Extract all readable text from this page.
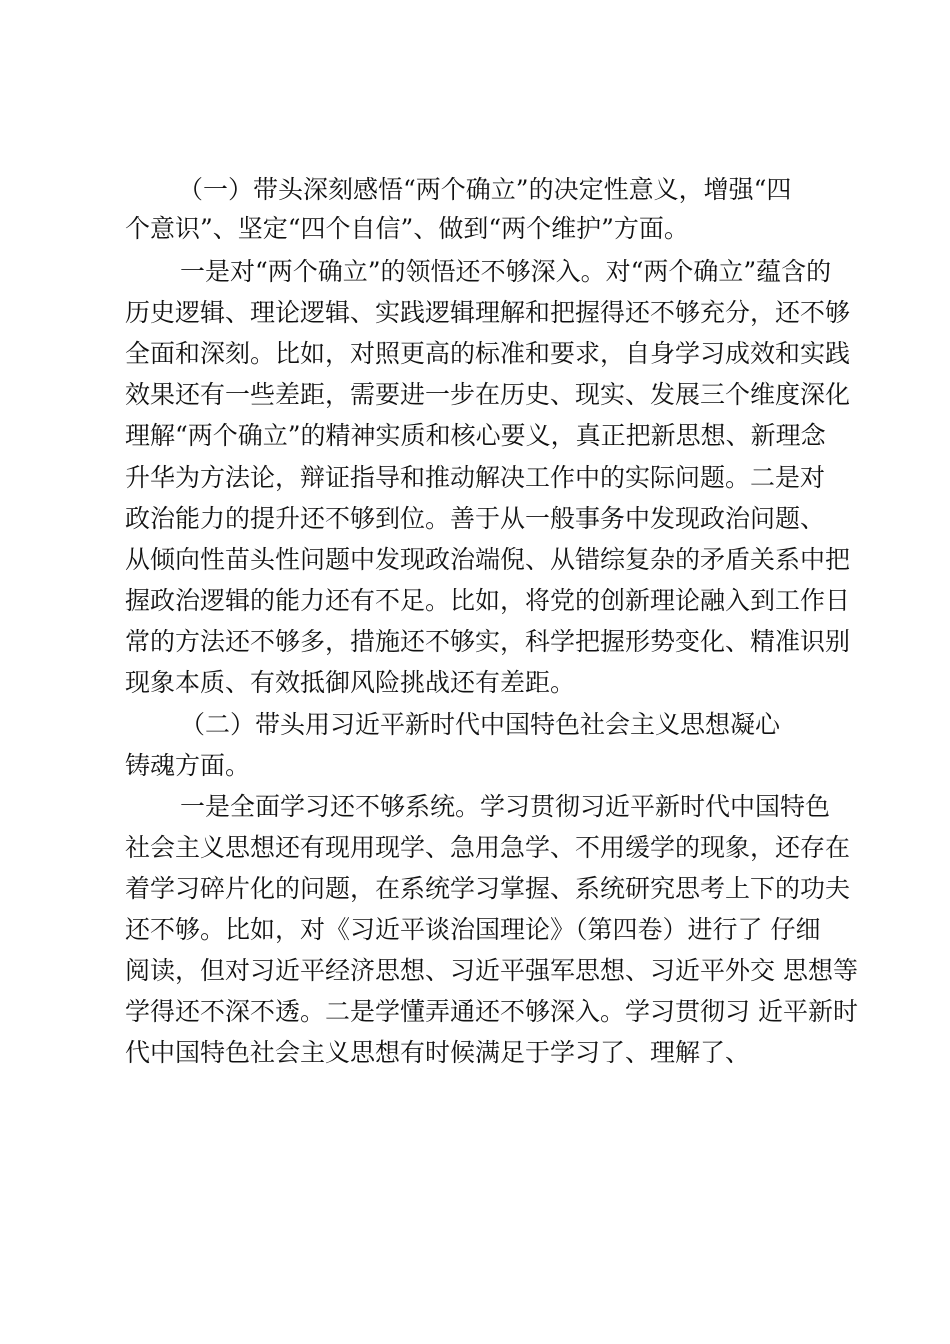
（一）带头深刻感悟“两个确立”的决定性意义，增强“四
个意识”、坚定“四个自信”、做到“两个维护”方面。
一是对“两个确立”的领悟还不够深入。对“两个确立”蕴含的
历史逻辑、理论逻辑、实践逻辑理解和把握得还不够充分，还不够
全面和深刻。比如，对照更高的标准和要求，自身学习成效和实践
效果还有一些差距，需要进一步在历史、现实、发展三个维度深化
理解“两个确立”的精神实质和核心要义，真正把新思想、新理念
升华为方法论，辩证指导和推动解决工作中的实际问题。二是对
政治能力的提升还不够到位。善于从一般事务中发现政治问题、
从倾向性苗头性问题中发现政治端倪、从错综复杂的矛盾关系中把
握政治逻辑的能力还有不足。比如，将党的创新理论融入到工作日
常的方法还不够多，措施还不够实，科学把握形势变化、精准识别
现象本质、有效抵御风险挑战还有差距。
（二）带头用习近平新时代中国特色社会主义思想凝心
铸魂方面。
一是全面学习还不够系统。学习贯彻习近平新时代中国特色
社会主义思想还有现用现学、急用急学、不用缓学的现象，还存在
着学习碎片化的问题，在系统学习掌握、系统研究思考上下的功夫
还不够。比如，对《习近平谈治国理论》（第四卷）进行了 仔细
阅读，但对习近平经济思想、习近平强军思想、习近平外交 思想等
学得还不深不透。二是学懂弄通还不够深入。学习贯彻习 近平新时
代中国特色社会主义思想有时候满足于学习了、理解了、
